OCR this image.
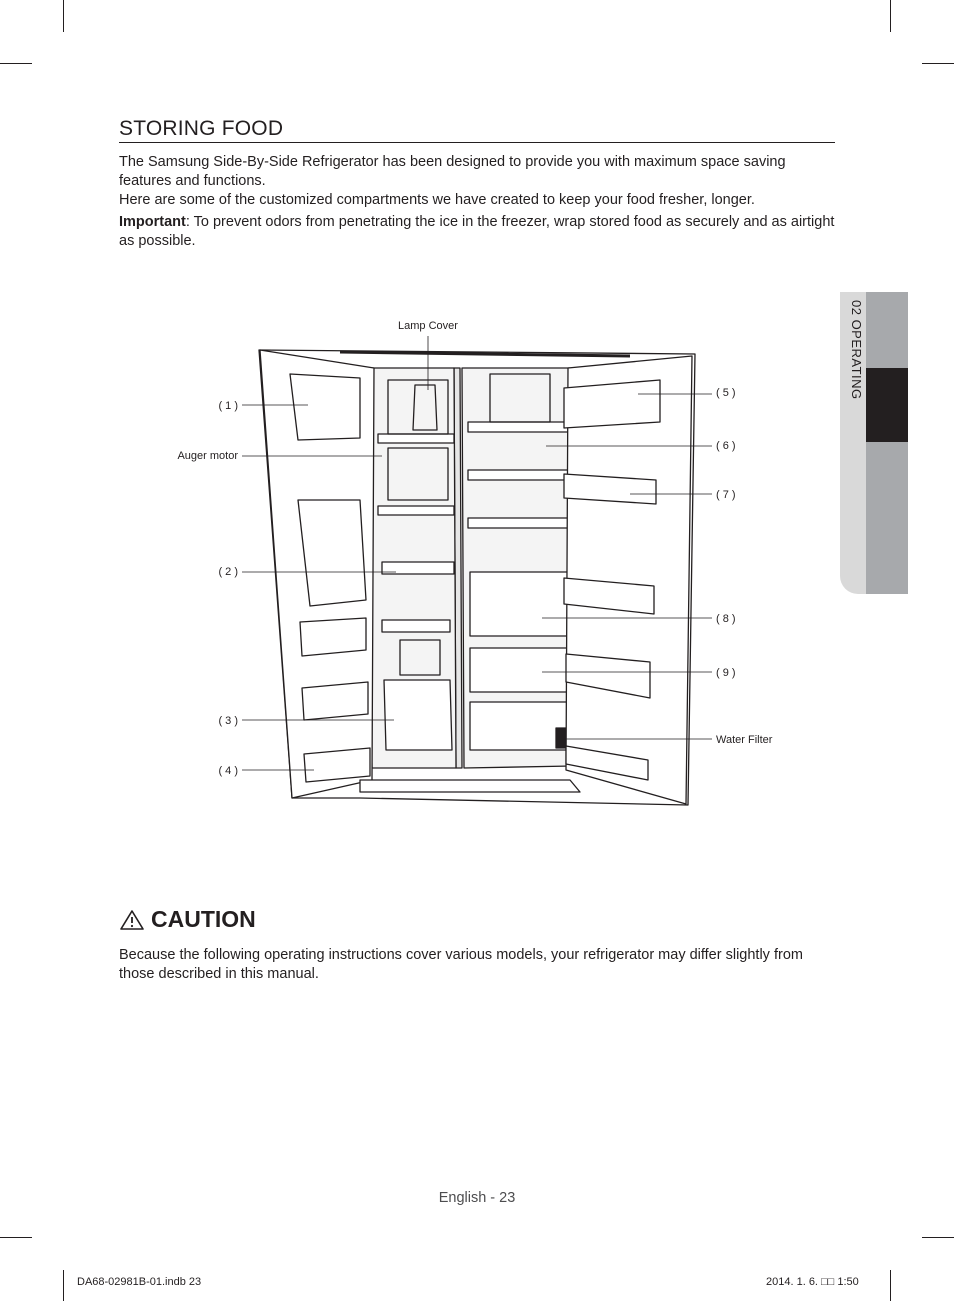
STORING FOOD

The Samsung Side-By-Side Refrigerator has been designed to provide you with maximum space saving features and functions.

Here are some of the customized compartments we have created to keep your food fresher, longer.

Important: To prevent odors from penetrating the ice in the freezer, wrap stored food as securely and as airtight as possible.

Lamp Cover
( 1 )
Auger motor
( 2 )
( 3 )
( 4 )
( 5 )
( 6 )
( 7 )
( 8 )
( 9 )
Water Filter
02 OPERATING
CAUTION

Because the following operating instructions cover various models, your refrigerator may differ slightly from those described in this manual.

English - 23
DA68-02981B-01.indb 23	2014. 1. 6. □□ 1:50
